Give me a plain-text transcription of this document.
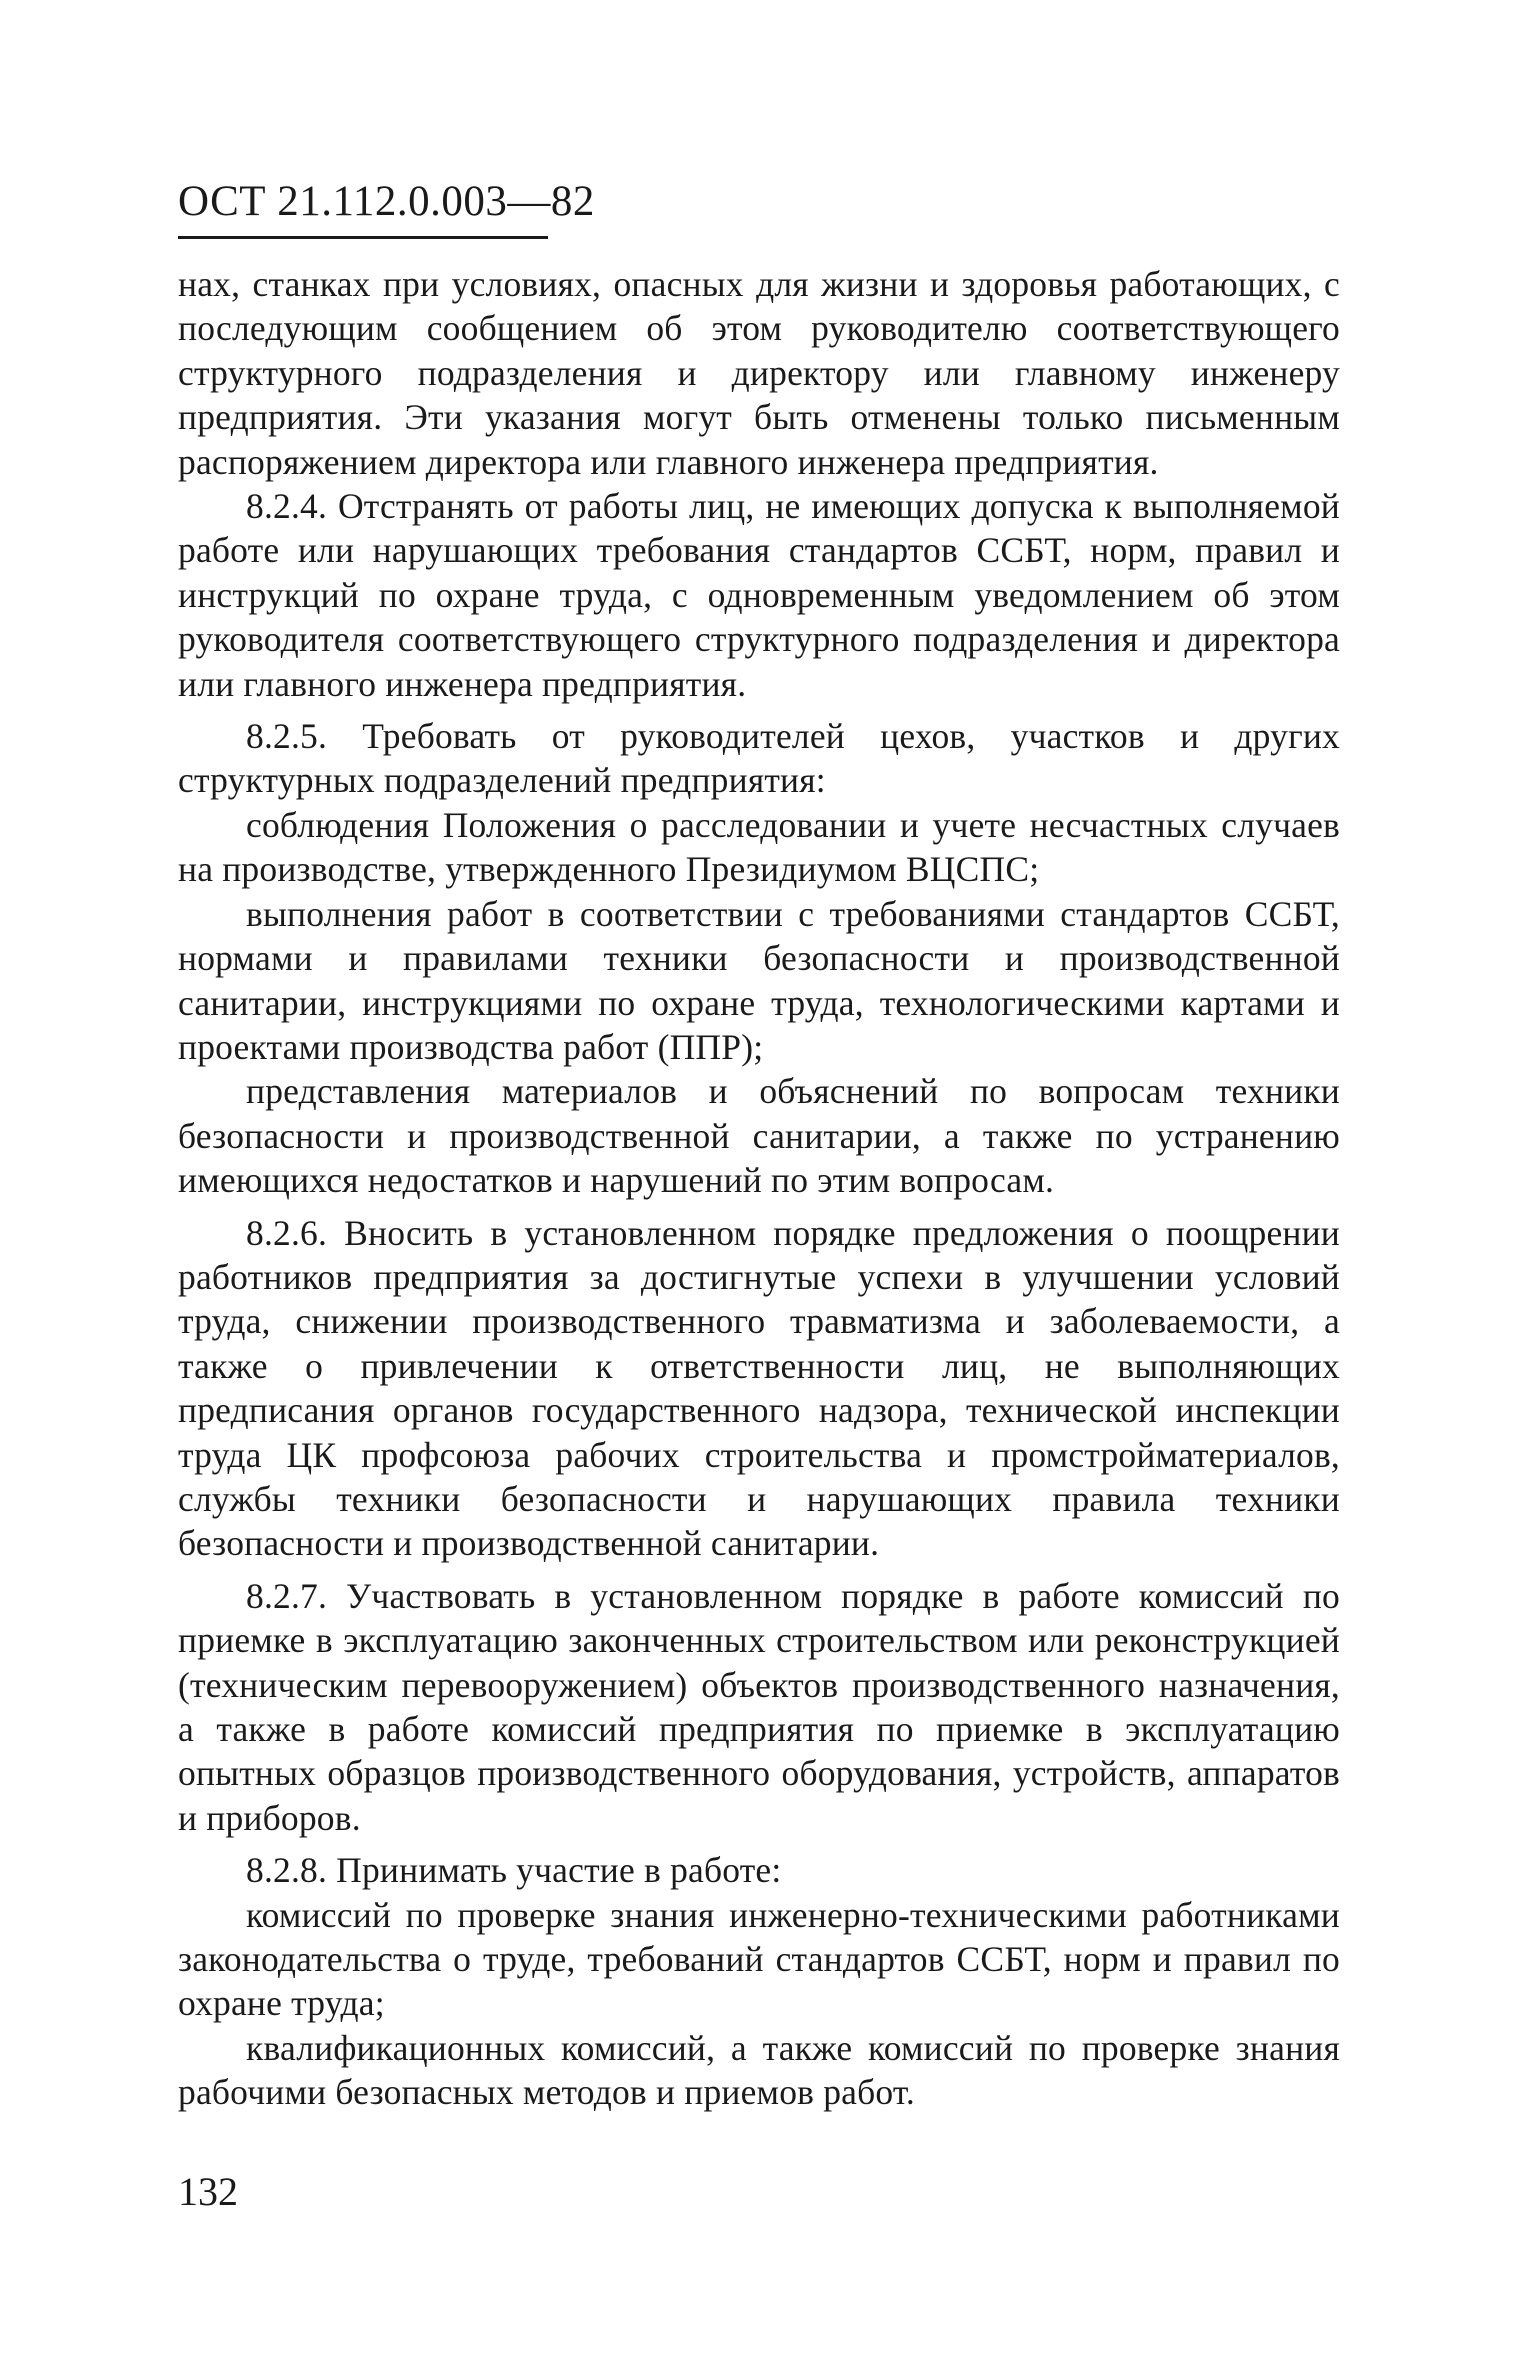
ОСТ 21.112.0.003—82

нах, станках при условиях, опасных для жизни и здоровья работающих, с последующим сообщением об этом руководителю соответствующего структурного подразделения и директору или главному инженеру предприятия. Эти указания могут быть отменены только письменным распоряжением директора или главного инженера предприятия.

8.2.4. Отстранять от работы лиц, не имеющих допуска к выполняемой работе или нарушающих требования стандартов ССБТ, норм, правил и инструкций по охране труда, с одновременным уведомлением об этом руководителя соответствующего структурного подразделения и директора или главного инженера предприятия.

8.2.5. Требовать от руководителей цехов, участков и других структурных подразделений предприятия:

соблюдения Положения о расследовании и учете несчастных случаев на производстве, утвержденного Президиумом ВЦСПС;

выполнения работ в соответствии с требованиями стандартов ССБТ, нормами и правилами техники безопасности и производственной санитарии, инструкциями по охране труда, технологическими картами и проектами производства работ (ППР);

представления материалов и объяснений по вопросам техники безопасности и производственной санитарии, а также по устранению имеющихся недостатков и нарушений по этим вопросам.

8.2.6. Вносить в установленном порядке предложения о поощрении работников предприятия за достигнутые успехи в улучшении условий труда, снижении производственного травматизма и заболеваемости, а также о привлечении к ответственности лиц, не выполняющих предписания органов государственного надзора, технической инспекции труда ЦК профсоюза рабочих строительства и промстройматериалов, службы техники безопасности и нарушающих правила техники безопасности и производственной санитарии.

8.2.7. Участвовать в установленном порядке в работе комиссий по приемке в эксплуатацию законченных строительством или реконструкцией (техническим перевооружением) объектов производственного назначения, а также в работе комиссий предприятия по приемке в эксплуатацию опытных образцов производственного оборудования, устройств, аппаратов и приборов.

8.2.8. Принимать участие в работе:

комиссий по проверке знания инженерно-техническими работниками законодательства о труде, требований стандартов ССБТ, норм и правил по охране труда;

квалификационных комиссий, а также комиссий по проверке знания рабочими безопасных методов и приемов работ.

132
